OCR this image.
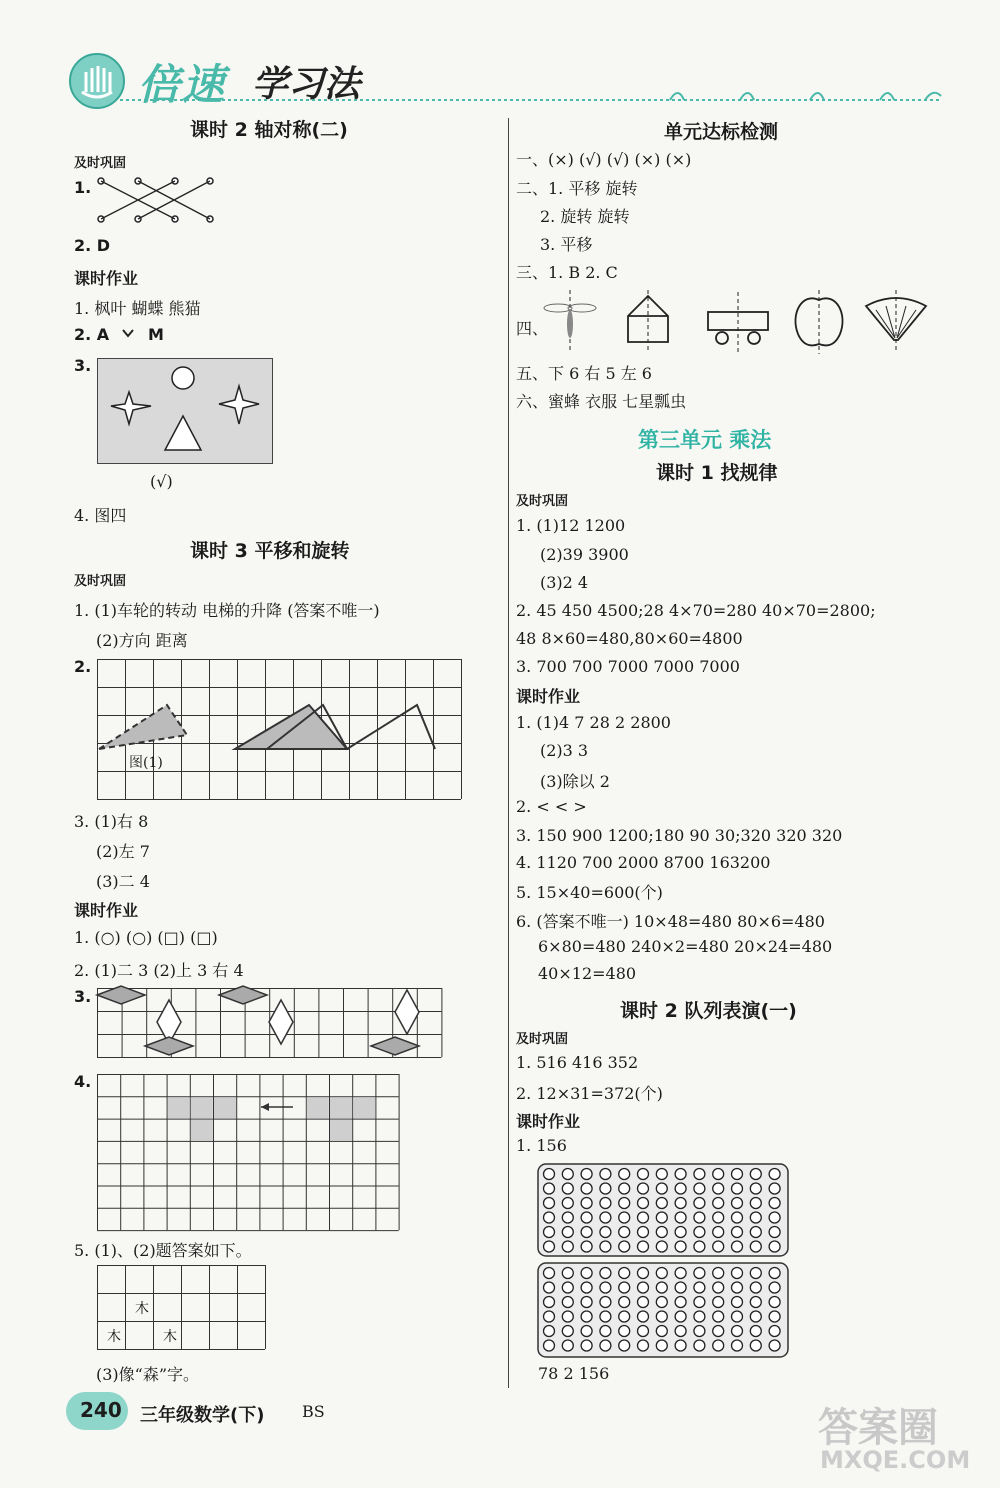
倍速 学习法
课时 2 轴对称(二)
及时巩固
1.
2. D
课时作业
1. 枫叶 蝴蝶 熊猫
2. A M
3.
(√)
4. 图四
课时 3 平移和旋转
及时巩固
1. (1)车轮的转动 电梯的升降 (答案不唯一)
(2)方向 距离
2.
图(1)
3. (1)右 8
(2)左 7
(3)二 4
课时作业
1. (○) (○) (□) (□)
2. (1)二 3 (2)上 3 右 4
3.
4.
5. (1)、(2)题答案如下。
木
木	木
(3)像“森”字。
单元达标检测
一、(×) (√) (√) (×) (×)
二、1. 平移 旋转
2. 旋转 旋转
3. 平移
三、1. B 2. C
四、
五、下 6 右 5 左 6
六、蜜蜂 衣服 七星瓢虫
第三单元 乘法
课时 1 找规律
及时巩固
1. (1)12 1200
(2)39 3900
(3)2 4
2. 45 450 4500;28 4×70=280 40×70=2800;
48 8×60=480,80×60=4800
3. 700 700 7000 7000 7000
课时作业
1. (1)4 7 28 2 2800
(2)3 3
(3)除以 2
2. < < >
3. 150 900 1200;180 90 30;320 320 320
4. 1120 700 2000 8700 163200
5. 15×40=600(个)
6. (答案不唯一) 10×48=480 80×6=480
6×80=480 240×2=480 20×24=480
40×12=480
课时 2 队列表演(一)
及时巩固
1. 516 416 352
2. 12×31=372(个)
课时作业
1. 156
78 2 156
240 三年级数学(下) BS	答案圈
MXQE.COM
